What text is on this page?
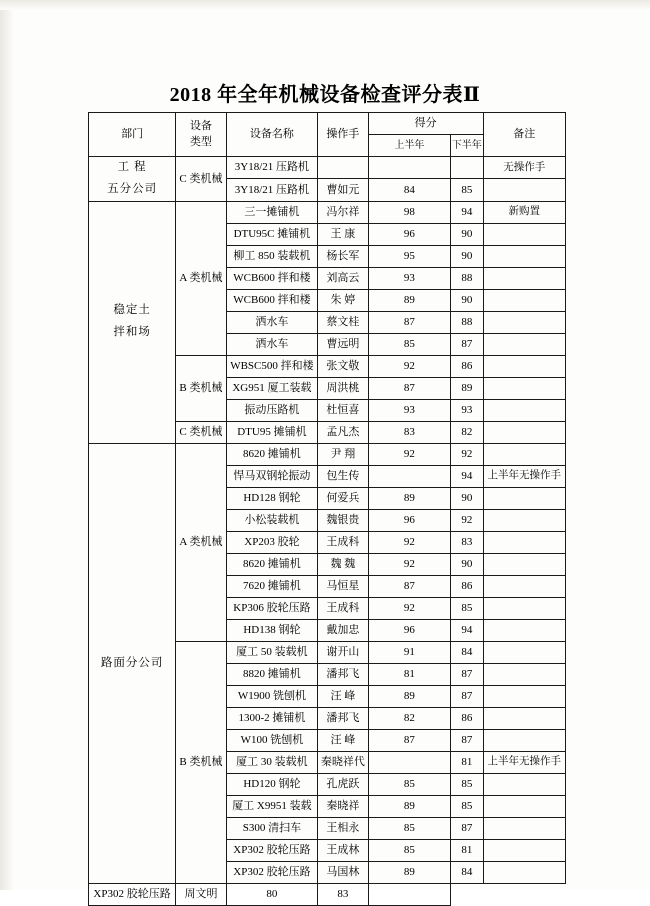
2018 年全年机械设备检查评分表Ⅱ
部门	设备
类型	设备名称	操作手	得分		备注
				上半年	下半年	

工 程
五分公司	C 类机械	3Y18/21 压路机				无操作手
		3Y18/21 压路机	曹如元	84	85	

稳定土
拌和场	A 类机械	三一摊铺机	冯尔祥	98	94	新购置
		DTU95C 摊铺机	王 康	96	90	
		柳工 850 装载机	杨长军	95	90	
		WCB600 拌和楼	刘高云	93	88	
		WCB600 拌和楼	朱 婷	89	90	
		洒水车	蔡文桂	87	88	
		洒水车	曹远明	85	87	
	B 类机械	WBSC500 拌和楼	张文敬	92	86	
		XG951 厦工装载	周洪桃	87	89	
		振动压路机	杜恒喜	93	93	
	C 类机械	DTU95 摊铺机	孟凡杰	83	82	

路面分公司	A 类机械	8620 摊铺机	尹 翔	92	92	
		悍马双钢轮振动	包生传		94	上半年无操作手
		HD128 钢轮	何爱兵	89	90	
		小松装载机	魏银贵	96	92	
		XP203 胶轮	王成科	92	83	
		8620 摊铺机	魏 魏	92	90	
		7620 摊铺机	马恒星	87	86	
		KP306 胶轮压路	王成科	92	85	
		HD138 钢轮	戴加忠	96	94	
	B 类机械	厦工 50 装载机	谢开山	91	84	
		8820 摊铺机	潘邦飞	81	87	
		W1900 铣刨机	汪 峰	89	87	
		1300-2 摊铺机	潘邦飞	82	86	
		W100 铣刨机	汪 峰	87	87	
		厦工 30 装载机	秦晓祥代		81	上半年无操作手
		HD120 钢轮	孔虎跃	85	85	
		厦工 X9951 装载	秦晓祥	89	85	
		S300 清扫车	王相永	85	87	
		XP302 胶轮压路	王成林	85	81	
		XP302 胶轮压路	马国林	89	84	
XP302 胶轮压路	周文明	80	83			
